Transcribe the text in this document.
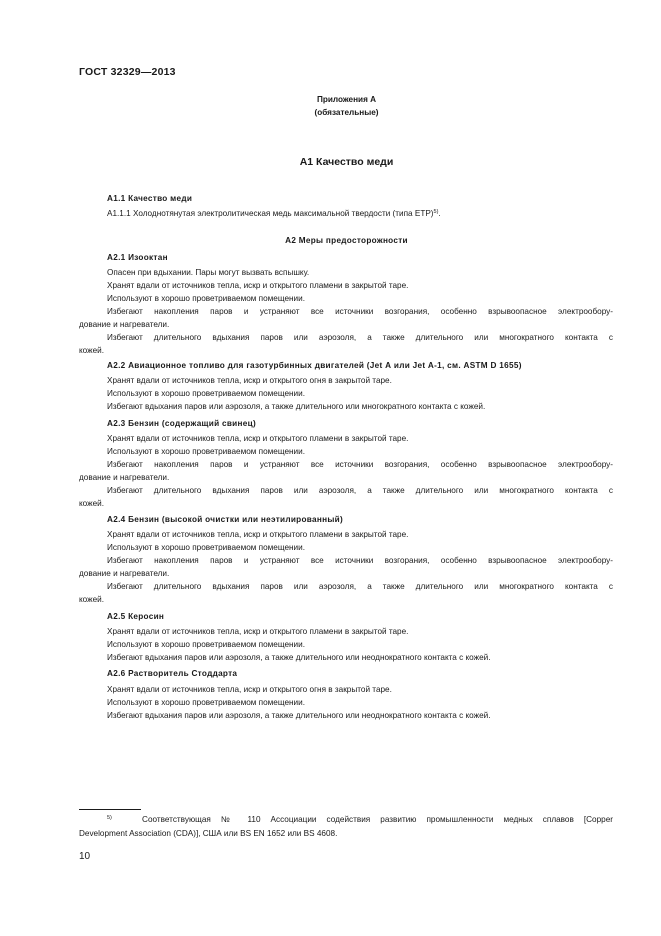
ГОСТ 32329—2013
Приложения А
(обязательные)
А1 Качество меди
А1.1 Качество меди
А1.1.1 Холоднотянутая электролитическая медь максимальной твердости (типа ЕТР)$^{5)}$.
А2 Меры предосторожности
А2.1 Изооктан
Опасен при вдыхании. Пары могут вызвать вспышку.
Хранят вдали от источников тепла, искр и открытого пламени в закрытой таре.
Используют в хорошо проветриваемом помещении.
Избегают накопления паров и устраняют все источники возгорания, особенно взрывоопасное электрообору-
дование и нагреватели.
Избегают длительного вдыхания паров или аэрозоля, а также длительного или многократного контакта с
кожей.
А2.2 Авиационное топливо для газотурбинных двигателей (Jet А или Jet А-1, см. ASTM D 1655)
Хранят вдали от источников тепла, искр и открытого огня в закрытой таре.
Используют в хорошо проветриваемом помещении.
Избегают вдыхания паров или аэрозоля, а также длительного или многократного контакта с кожей.
А2.3 Бензин (содержащий свинец)
Хранят вдали от источников тепла, искр и открытого пламени в закрытой таре.
Используют в хорошо проветриваемом помещении.
Избегают накопления паров и устраняют все источники возгорания, особенно взрывоопасное электрообору-
дование и нагреватели.
Избегают длительного вдыхания паров или аэрозоля, а также длительного или многократного контакта с
кожей.
А2.4 Бензин (высокой очистки или неэтилированный)
Хранят вдали от источников тепла, искр и открытого пламени в закрытой таре.
Используют в хорошо проветриваемом помещении.
Избегают накопления паров и устраняют все источники возгорания, особенно взрывоопасное электрообору-
дование и нагреватели.
Избегают длительного вдыхания паров или аэрозоля, а также длительного или многократного контакта с
кожей.
А2.5 Керосин
Хранят вдали от источников тепла, искр и открытого пламени в закрытой таре.
Используют в хорошо проветриваемом помещении.
Избегают вдыхания паров или аэрозоля, а также длительного или неоднократного контакта с кожей.
А2.6 Растворитель Стоддарта
Хранят вдали от источников тепла, искр и открытого огня в закрытой таре.
Используют в хорошо проветриваемом помещении.
Избегают вдыхания паров или аэрозоля, а также длительного или неоднократного контакта с кожей.
$^{5)}$	Соответствующая № 110 Ассоциации содействия развитию промышленности медных сплавов [Copper
Development Association (CDA)], США или BS EN 1652 или BS 4608.
10
